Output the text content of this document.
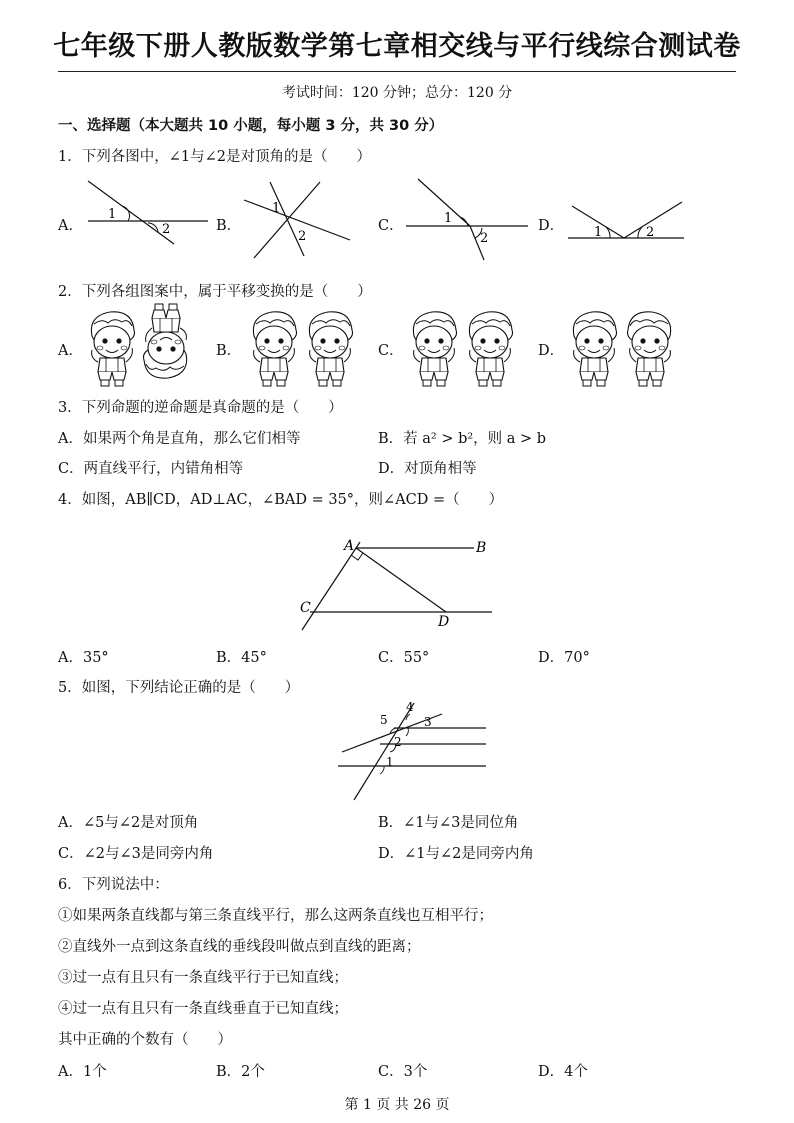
七年级下册人教版数学第七章相交线与平行线综合测试卷
考试时间：120 分钟；总分：120 分
一、选择题（本大题共 10 小题，每小题 3 分，共 30 分）
1．下列各图中，∠1与∠2是对顶角的是（　　）
A．	B．	C．	D．
1
2
1
2
1
2	1	2
2．下列各组图案中，属于平移变换的是（　　）
A．	B．	C．	D．
3．下列命题的逆命题是真命题的是（　　）
A．如果两个角是直角，那么它们相等	B．若 a² > b²，则 a > b
C．两直线平行，内错角相等	D．对顶角相等
4．如图，AB∥CD，AD⊥AC，∠BAD = 35°，则∠ACD =（　　）
A	B
C
D
A．35°	B．45°	C．55°	D．70°
5．如图，下列结论正确的是（　　）
1
2
3
4
5
A．∠5与∠2是对顶角	B．∠1与∠3是同位角
C．∠2与∠3是同旁内角	D．∠1与∠2是同旁内角
6．下列说法中：
①如果两条直线都与第三条直线平行，那么这两条直线也互相平行；
②直线外一点到这条直线的垂线段叫做点到直线的距离；
③过一点有且只有一条直线平行于已知直线；
④过一点有且只有一条直线垂直于已知直线；
其中正确的个数有（　　）
A．1个	B．2个	C．3个	D．4个
第 1 页 共 26 页
